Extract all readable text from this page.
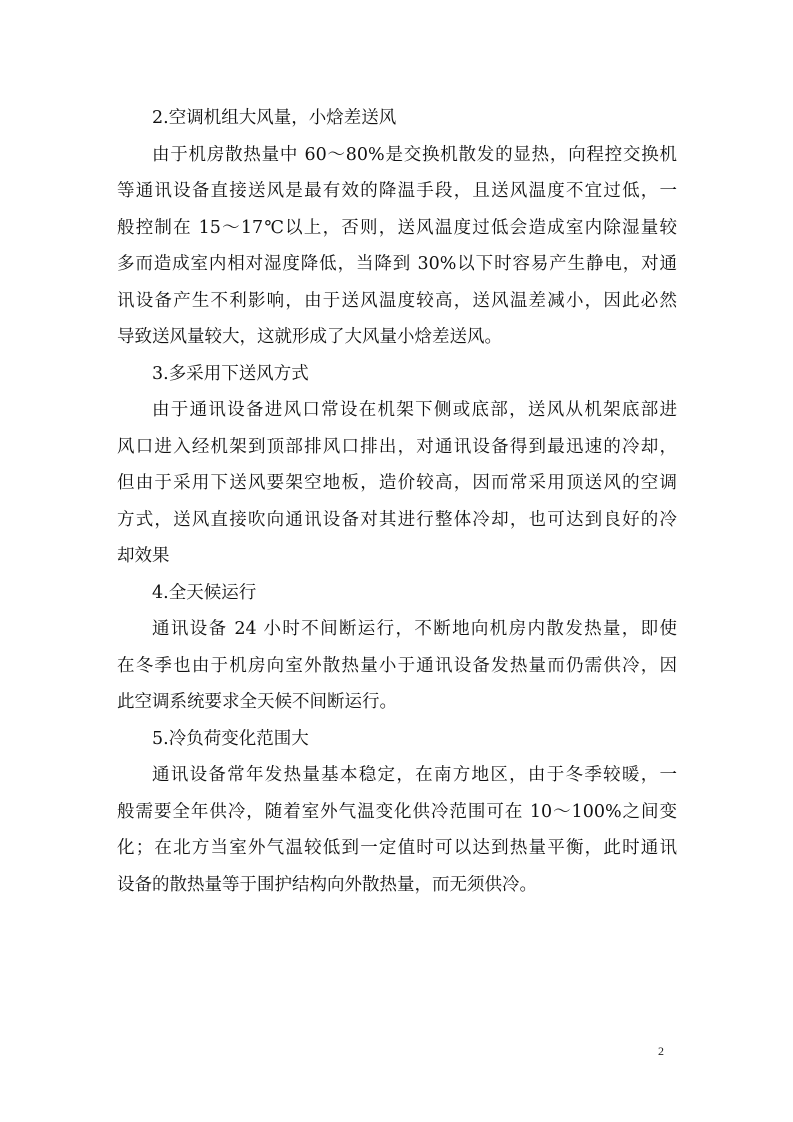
2.空调机组大风量，小焓差送风
由于机房散热量中 60～80%是交换机散发的显热，向程控交换机
等通讯设备直接送风是最有效的降温手段，且送风温度不宜过低，一
般控制在 15～17℃以上，否则，送风温度过低会造成室内除湿量较
多而造成室内相对湿度降低，当降到 30%以下时容易产生静电，对通
讯设备产生不利影响，由于送风温度较高，送风温差减小，因此必然
导致送风量较大，这就形成了大风量小焓差送风。
3.多采用下送风方式
由于通讯设备进风口常设在机架下侧或底部，送风从机架底部进
风口进入经机架到顶部排风口排出，对通讯设备得到最迅速的冷却，
但由于采用下送风要架空地板，造价较高，因而常采用顶送风的空调
方式，送风直接吹向通讯设备对其进行整体冷却，也可达到良好的冷
却效果
4.全天候运行
通讯设备 24 小时不间断运行，不断地向机房内散发热量，即使
在冬季也由于机房向室外散热量小于通讯设备发热量而仍需供冷，因
此空调系统要求全天候不间断运行。
5.冷负荷变化范围大
通讯设备常年发热量基本稳定，在南方地区，由于冬季较暖，一
般需要全年供冷，随着室外气温变化供冷范围可在 10～100%之间变
化；在北方当室外气温较低到一定值时可以达到热量平衡，此时通讯
设备的散热量等于围护结构向外散热量，而无须供冷。
2
